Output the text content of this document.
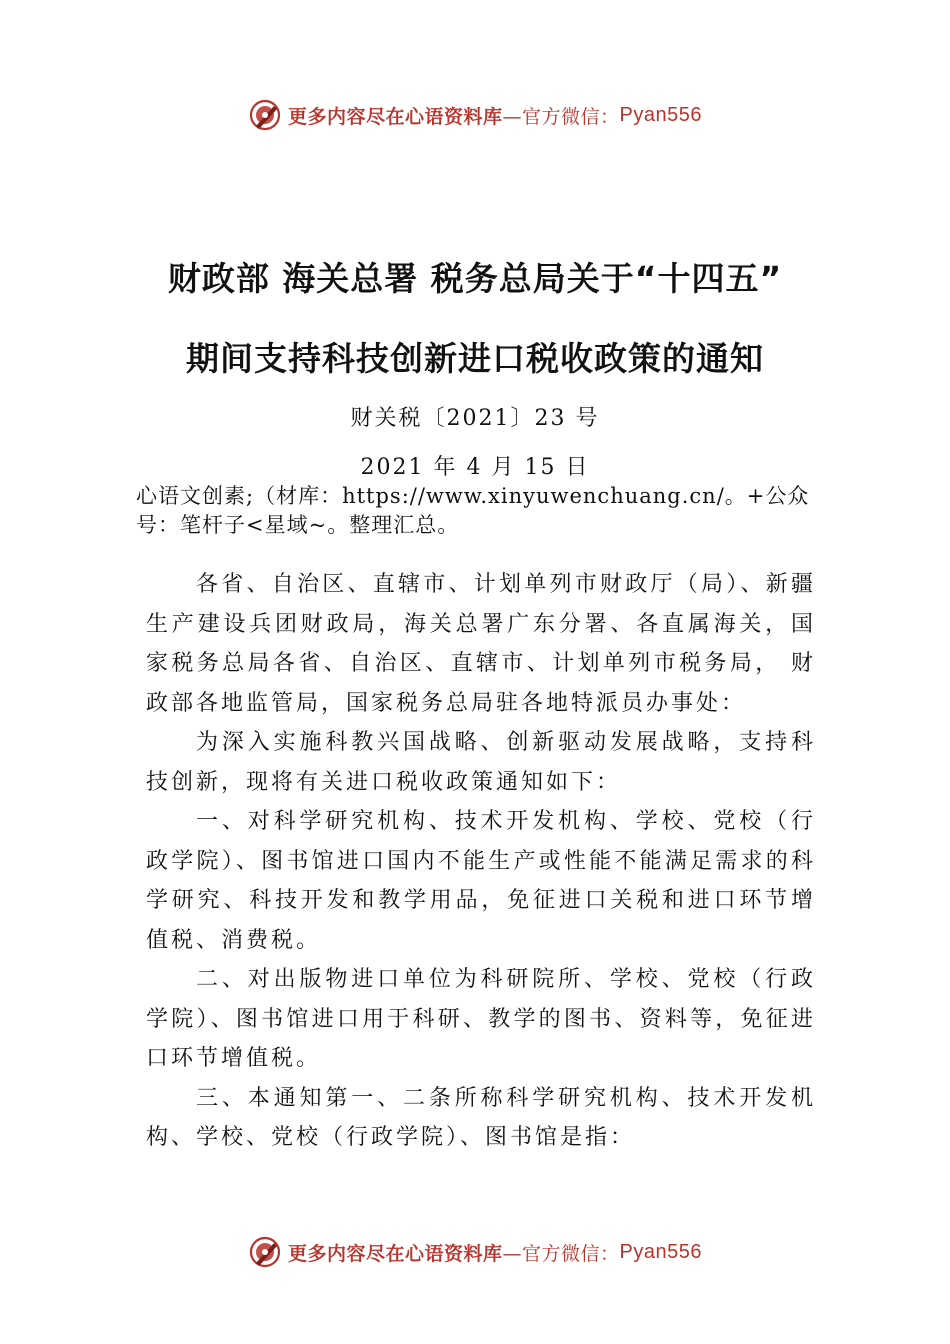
更多内容尽在心语资料库 —官方微信： Pyan556
财政部 海关总署 税务总局关于“十四五”
期间支持科技创新进口税收政策的通知
财关税〔2021〕23 号
2021 年 4 月 15 日
心语文创素;（材库：https://www.xinyuwenchuang.cn/。+公众号：笔杆子<星域~。整理汇总。

各省、自治区、直辖市、计划单列市财政厅（局）、新疆生产建设兵团财政局，海关总署广东分署、各直属海关，国家税务总局各省、自治区、直辖市、计划单列市税务局， 财政部各地监管局，国家税务总局驻各地特派员办事处：

为深入实施科教兴国战略、创新驱动发展战略，支持科技创新，现将有关进口税收政策通知如下：

一、对科学研究机构、技术开发机构、学校、党校（行政学院）、图书馆进口国内不能生产或性能不能满足需求的科学研究、科技开发和教学用品，免征进口关税和进口环节增值税、消费税。

二、对出版物进口单位为科研院所、学校、党校（行政学院）、图书馆进口用于科研、教学的图书、资料等，免征进口环节增值税。

三、本通知第一、二条所称科学研究机构、技术开发机构、学校、党校（行政学院）、图书馆是指：

更多内容尽在心语资料库 —官方微信： Pyan556
